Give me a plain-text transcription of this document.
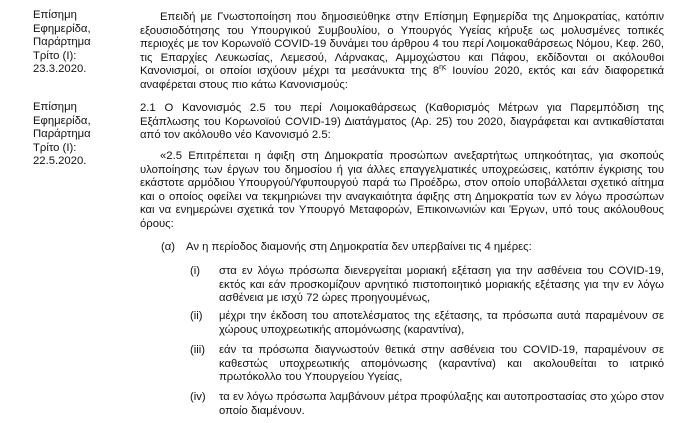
Επίσημη
Εφημερίδα,
Παράρτημα
Τρίτο (Ι):
23.3.2020.
Επειδή με Γνωστοποίηση που δημοσιεύθηκε στην Επίσημη Εφημερίδα της Δημοκρατίας, κατόπιν εξουσιοδότησης του Υπουργικού Συμβουλίου, ο Υπουργός Υγείας κήρυξε ως μολυσμένες τοπικές περιοχές με τον Κορωνοϊό COVID-19 δυνάμει του άρθρου 4 του περί Λοιμοκαθάρσεως Νόμου, Κεφ. 260, τις Επαρχίες Λευκωσίας, Λεμεσού, Λάρνακας, Αμμοχώστου και Πάφου, εκδίδονται οι ακόλουθοι Κανονισμοί, οι οποίοι ισχύουν μέχρι τα μεσάνυκτα της $8^{\eta\varsigma}$ Ιουνίου 2020, εκτός και εάν διαφορετικά αναφέρεται στους πιο κάτω Κανονισμούς:
Επίσημη
Εφημερίδα,
Παράρτημα
Τρίτο (Ι):
22.5.2020.
2.1 Ο Κανονισμός 2.5 του περί Λοιμοκαθάρσεως (Καθορισμός Μέτρων για Παρεμπόδιση της Εξάπλωσης του Κορωνοϊού COVID-19) Διατάγματος (Αρ. 25) του 2020, διαγράφεται και αντικαθίσταται από τον ακόλουθο νέο Κανονισμό 2.5:
«2.5 Επιτρέπεται η άφιξη στη Δημοκρατία προσώπων ανεξαρτήτως υπηκοότητας, για σκοπούς υλοποίησης των έργων του δημοσίου ή για άλλες επαγγελματικές υποχρεώσεις, κατόπιν έγκρισης του εκάστοτε αρμόδιου Υπουργού/Υφυπουργού παρά τω Προέδρω, στον οποίο υποβάλλεται σχετικό αίτημα και ο οποίος οφείλει να τεκμηριώνει την αναγκαιότητα άφιξης στη Δημοκρατία των εν λόγω προσώπων και να ενημερώνει σχετικά τον Υπουργό Μεταφορών, Επικοινωνιών και Έργων, υπό τους ακόλουθους όρους:
(α) Αν η περίοδος διαμονής στη Δημοκρατία δεν υπερβαίνει τις 4 ημέρες:
(i) στα εν λόγω πρόσωπα διενεργείται μοριακή εξέταση για την ασθένεια του COVID-19, εκτός και εάν προσκομίζουν αρνητικό πιστοποιητικό μοριακής εξέτασης για την εν λόγω ασθένεια με ισχύ 72 ώρες προηγουμένως,
(ii) μέχρι την έκδοση του αποτελέσματος της εξέτασης, τα πρόσωπα αυτά παραμένουν σε χώρους υποχρεωτικής απομόνωσης (καραντίνα),
(iii) εάν τα πρόσωπα διαγνωστούν θετικά στην ασθένεια του COVID-19, παραμένουν σε καθεστώς υποχρεωτικής απομόνωσης (καραντίνα) και ακολουθείται το ιατρικό πρωτόκολλο του Υπουργείου Υγείας,
(iv) τα εν λόγω πρόσωπα λαμβάνουν μέτρα προφύλαξης και αυτοπροστασίας στο χώρο στον οποίο διαμένουν.
